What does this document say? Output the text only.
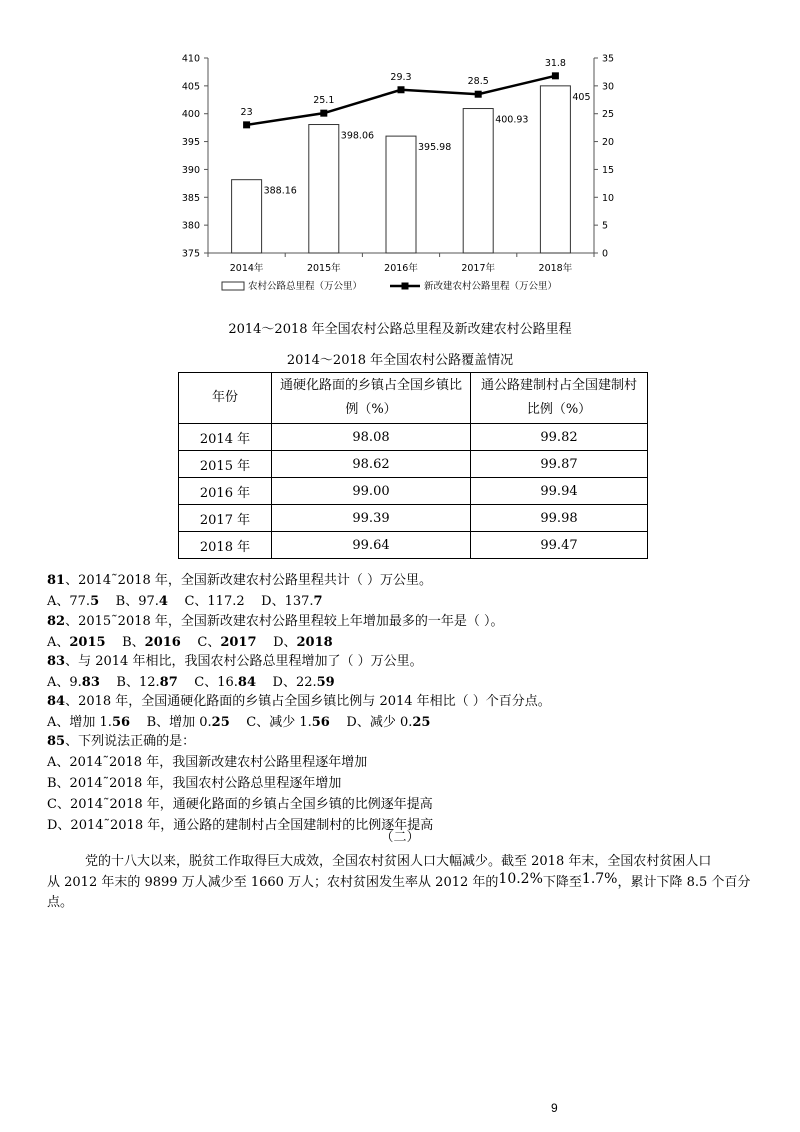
375
380
385
390
395
400
405
410
0
5
10
15
20
25
30
35
2014年	2015年	2016年	2017年	2018年
388.16
398.06
395.98
400.93
405
23
25.1
29.3	28.5
31.8
农村公路总里程（万公里）	新改建农村公路里程（万公里）
2014～2018 年全国农村公路总里程及新改建农村公路里程
2014～2018 年全国农村公路覆盖情况
年份	通硬化路面的乡镇占全国乡镇比例（%）	通公路建制村占全国建制村比例（%）
2014 年	98.08	99.82
2015 年	98.62	99.87
2016 年	99.00	99.94
2017 年	99.39	99.98
2018 年	99.64	99.47
81、2014˜2018 年，全国新改建农村公路里程共计（ ）万公里。
A、77.5 B、97.4 C、117.2 D、137.7
82、2015˜2018 年，全国新改建农村公路里程较上年增加最多的一年是（ ）。
A、2015 B、2016 C、2017 D、2018
83、与 2014 年相比，我国农村公路总里程增加了（ ）万公里。
A、9.83 B、12.87 C、16.84 D、22.59
84、2018 年，全国通硬化路面的乡镇占全国乡镇比例与 2014 年相比（ ）个百分点。
A、增加 1.56 B、增加 0.25 C、减少 1.56 D、减少 0.25
85、下列说法正确的是：
A、2014˜2018 年，我国新改建农村公路里程逐年增加
B、2014˜2018 年，我国农村公路总里程逐年增加
C、2014˜2018 年，通硬化路面的乡镇占全国乡镇的比例逐年提高
D、2014˜2018 年，通公路的建制村占全国建制村的比例逐年提高
（二）
党的十八大以来，脱贫工作取得巨大成效，全国农村贫困人口大幅减少。截至 2018 年末，全国农村贫困人口
从 2012 年末的 9899 万人减少至 1660 万人；农村贫困发生率从 2012 年的10.2%下降至1.7%，累计下降 8.5 个百分
点。
9
